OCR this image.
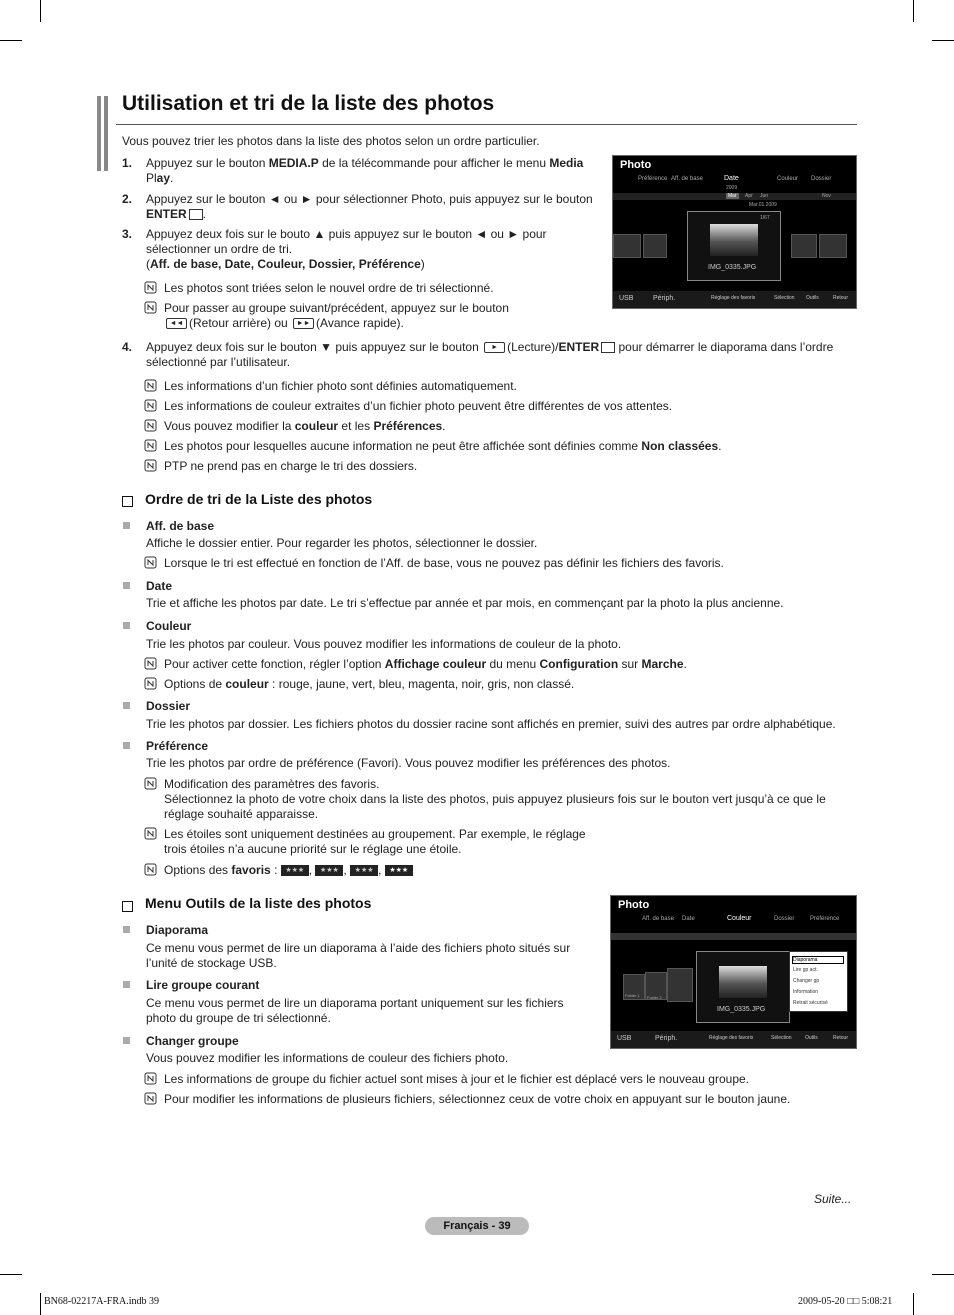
Utilisation et tri de la liste des photos

Vous pouvez trier les photos dans la liste des photos selon un ordre particulier.

1. Appuyez sur le bouton MEDIA.P de la télécommande pour afficher le menu Media
Play.

2. Appuyez sur le bouton ◄ ou ► pour sélectionner Photo, puis appuyez sur le bouton
ENTER .

3. Appuyez deux fois sur le bouto ▲ puis appuyez sur le bouton ◄ ou ► pour
sélectionner un ordre de tri.
(Aff. de base, Date, Couleur, Dossier, Préférence)

Les photos sont triées selon le nouvel ordre de tri sélectionné.

Pour passer au groupe suivant/précédent, appuyez sur le bouton
◄◄ (Retour arrière) ou ►► (Avance rapide).

4. Appuyez deux fois sur le bouton ▼ puis appuyez sur le bouton ► (Lecture)/ENTER pour démarrer le diaporama dans l’ordre
sélectionné par l’utilisateur.

Les informations d’un fichier photo sont définies automatiquement.

Les informations de couleur extraites d’un fichier photo peuvent être différentes de vos attentes.

Vous pouvez modifier la couleur et les Préférences.

Les photos pour lesquelles aucune information ne peut être affichée sont définies comme Non classées.

PTP ne prend pas en charge le tri des dossiers.

Photo
Préférence Aff. de base	Date	Couleur Dossier
2009
Mar	Apr Jun	Nov
Mar.01.2009
1/67
IMG_0335.JPG
USB	Périph.	Réglage des favoris	Sélection Outils	Retour
Ordre de tri de la Liste des photos

Aff. de base

Affiche le dossier entier. Pour regarder les photos, sélectionner le dossier.

Lorsque le tri est effectué en fonction de l’Aff. de base, vous ne pouvez pas définir les fichiers des favoris.

Date

Trie et affiche les photos par date. Le tri s’effectue par année et par mois, en commençant par la photo la plus ancienne.

Couleur

Trie les photos par couleur. Vous pouvez modifier les informations de couleur de la photo.

Pour activer cette fonction, régler l’option Affichage couleur du menu Configuration sur Marche.

Options de couleur : rouge, jaune, vert, bleu, magenta, noir, gris, non classé.

Dossier

Trie les photos par dossier. Les fichiers photos du dossier racine sont affichés en premier, suivi des autres par ordre alphabétique.

Préférence

Trie les photos par ordre de préférence (Favori). Vous pouvez modifier les préférences des photos.

Modification des paramètres des favoris.
Sélectionnez la photo de votre choix dans la liste des photos, puis appuyez plusieurs fois sur le bouton vert jusqu’à ce que le
réglage souhaité apparaisse.

Les étoiles sont uniquement destinées au groupement. Par exemple, le réglage
trois étoiles n’a aucune priorité sur le réglage une étoile.

Options des favoris : ★★★ , ★★★ , ★★★ , ★★★

Menu Outils de la liste des photos

Diaporama

Ce menu vous permet de lire un diaporama à l’aide des fichiers photo situés sur
l’unité de stockage USB.

Lire groupe courant

Ce menu vous permet de lire un diaporama portant uniquement sur les fichiers
photo du groupe de tri sélectionné.

Changer groupe

Vous pouvez modifier les informations de couleur des fichiers photo.

Les informations de groupe du fichier actuel sont mises à jour et le fichier est déplacé vers le nouveau groupe.

Pour modifier les informations de plusieurs fichiers, sélectionnez ceux de votre choix en appuyant sur le bouton jaune.

Photo
Aff. de base Date	Couleur	Dossier	Préférence
Folder 1 Folder 2
IMG_0335.JPG
Diaporama
Lire gp act.
Changer gp
Information
Retrait sécurisé
USB	Périph.	Réglage des favoris	Sélection	Outils	Retour

Suite...

Français - 39
BN68-02217A-FRA.indb 39	2009-05-20 □□ 5:08:21
